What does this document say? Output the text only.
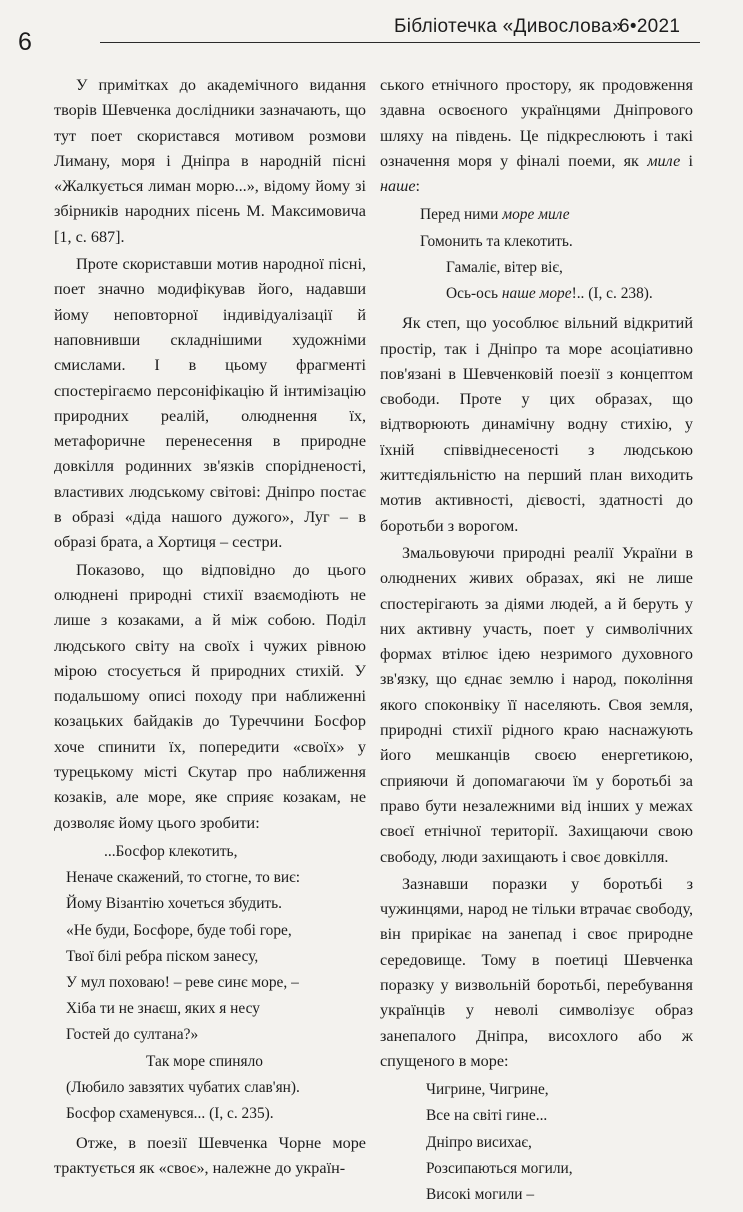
6
Бібліотечка «Дивослова»
6•2021

У примітках до академічного видання творів Шевченка дослідники зазначають, що тут поет скористався мотивом розмови Лиману, моря і Дніпра в народній пісні «Жалкується лиман морю...», відому йому зі збірників народних пісень М. Максимовича [1, с. 687].

Проте скориставши мотив народної пісні, поет значно модифікував його, надавши йому неповторної індивідуалізації й наповнивши складнішими художніми смислами. І в цьому фрагменті спостерігаємо персоніфікацію й інтимізацію природних реалій, олюднення їх, метафоричне перенесення в природне довкілля родинних зв'язків спорідненості, властивих людському світові: Дніпро постає в образі «діда нашого дужого», Луг – в образі брата, а Хортиця – сестри.

Показово, що відповідно до цього олюднені природні стихії взаємодіють не лише з козаками, а й між собою. Поділ людського світу на своїх і чужих рівною мірою стосується й природних стихій. У подальшому описі походу при наближенні козацьких байдаків до Туреччини Босфор хоче спинити їх, попередити «своїх» у турецькому місті Скутар про наближення козаків, але море, яке сприяє козакам, не дозволяє йому цього зробити:

...Босфор клекотить,
Неначе скажений, то стогне, то виє:
Йому Візантію хочеться збудить.
«Не буди, Босфоре, буде тобі горе,
Твої білі ребра піском занесу,
У мул поховаю! – реве синє море, –
Хіба ти не знаєш, яких я несу
Гостей до султана?»
Так море спиняло
(Любило завзятих чубатих слав'ян).
Босфор схаменувся... (І, с. 235).

Отже, в поезії Шевченка Чорне море трактується як «своє», належне до україн-

ського етнічного простору, як продовження здавна освоєного українцями Дніпрового шляху на південь. Це підкреслюють і такі означення моря у фіналі поеми, як миле і наше:

Перед ними море миле
Гомонить та клекотить.
Гамаліє, вітер віє,
Ось-ось наше море!.. (І, с. 238).

Як степ, що уособлює вільний відкритий простір, так і Дніпро та море асоціативно пов'язані в Шевченковій поезії з концептом свободи. Проте у цих образах, що відтворюють динамічну водну стихію, у їхній співвіднесеності з людською життєдіяльністю на перший план виходить мотив активності, дієвості, здатності до боротьби з ворогом.

Змальовуючи природні реалії України в олюднених живих образах, які не лише спостерігають за діями людей, а й беруть у них активну участь, поет у символічних формах втілює ідею незримого духовного зв'язку, що єднає землю і народ, покоління якого споконвіку її населяють. Своя земля, природні стихії рідного краю наснажують його мешканців своєю енергетикою, сприяючи й допомагаючи їм у боротьбі за право бути незалежними від інших у межах своєї етнічної території. Захищаючи свою свободу, люди захищають і своє довкілля.

Зазнавши поразки у боротьбі з чужинцями, народ не тільки втрачає свободу, він прирікає на занепад і своє природне середовище. Тому в поетиці Шевченка поразку у визвольній боротьбі, перебування українців у неволі символізує образ занепалого Дніпра, висохлого або ж спущеного в море:

Чигрине, Чигрине,
Все на світі гине...
Дніпро висихає,
Розсипаються могили,
Високі могили –
